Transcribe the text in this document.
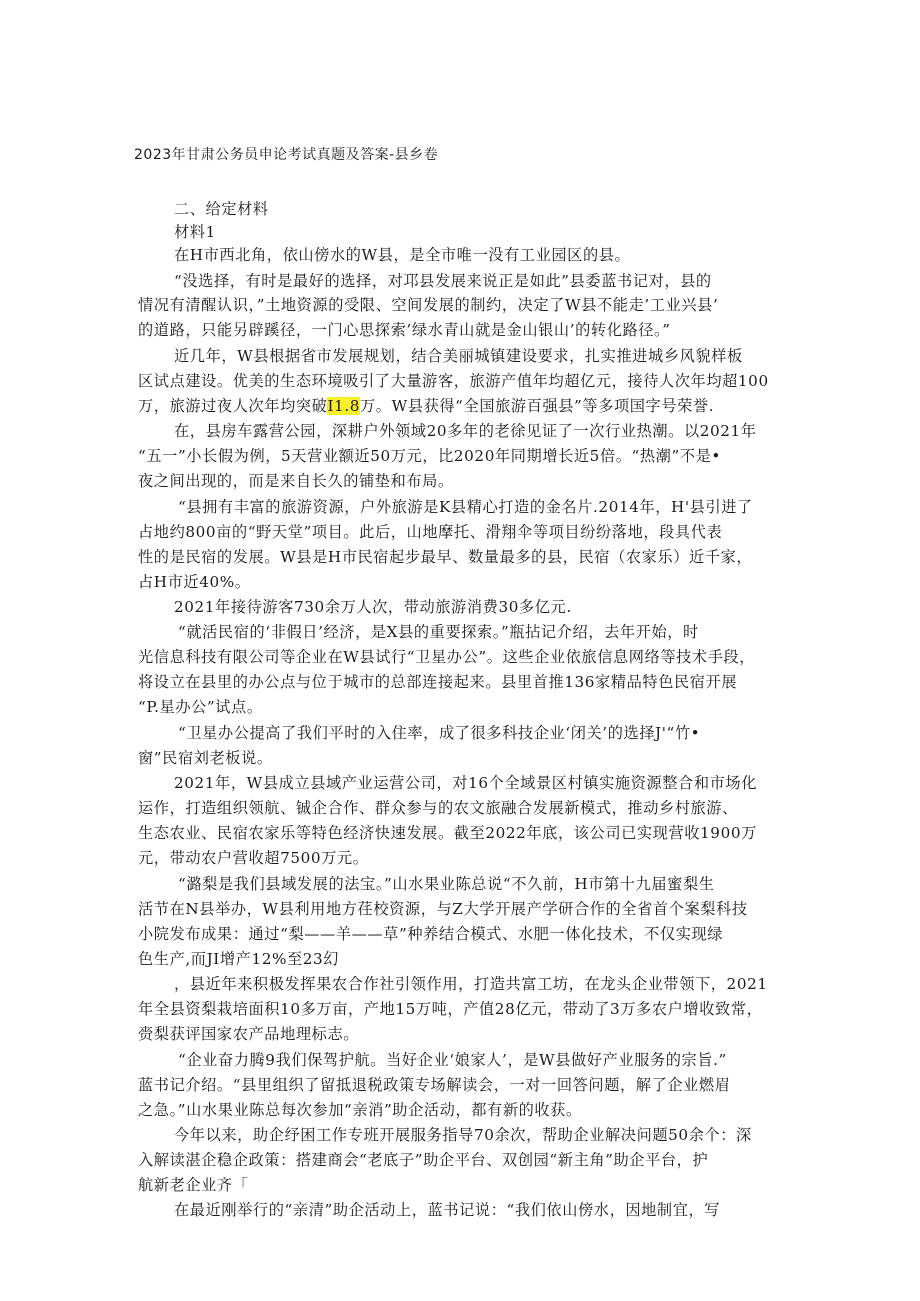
2023年甘肃公务员申论考试真题及答案-县乡卷
二、给定材料
材料1
在H市西北角，依山傍水的W县，是全市唯一没有工业园区的县。
“没选择，有时是最好的选择，对邛县发展来说正是如此”县委蓝书记对，县的
情况有清醒认识，”土地资源的受限、空间发展的制约，决定了W县不能走’工业兴县’
的道路，只能另辟蹊径，一门心思探索’绿水青山就是金山银山’的转化路径。”
近几年，W县根据省市发展规划，结合美丽城镇建设要求，扎实推进城乡风貌样板
区试点建设。优美的生态环境吸引了大量游客，旅游产值年均超亿元，接待人次年均超100
万，旅游过夜人次年均突破I1.8万。W县获得“全国旅游百强县”等多项国字号荣誉.
在，县房车露营公园，深耕户外领域20多年的老徐见证了一次行业热潮。以2021年
“五一”小长假为例，5天营业额近50万元，比2020年同期增长近5倍。“热潮”不是•
夜之间出现的，而是来自长久的铺垫和布局。
“县拥有丰富的旅游资源，户外旅游是K县精心打造的金名片.2014年，H'县引进了
占地约800亩的“野天堂”项目。此后，山地摩托、滑翔伞等项目纷纷落地，段具代表
性的是民宿的发展。W县是H市民宿起步最早、数量最多的县，民宿（农家乐）近千家，
占H市近40%。
2021年接待游客730余万人次，带动旅游消费30多亿元.
“就活民宿的‘非假日’经济，是X县的重要探索。”瓶拈记介绍，去年开始，时
光信息科技有限公司等企业在W县试行“卫星办公”。这些企业依旅信息网络等技术手段，
将设立在县里的办公点与位于城市的总部连接起来。县里首推136家精品特色民宿开展
“P.星办公”试点。
“卫星办公提高了我们平时的入住率，成了很多科技企业‘闭关’的选择J'“竹•
窗”民宿刘老板说。
2021年，W县成立县域产业运营公司，对16个全域景区村镇实施资源整合和市场化
运作，打造组织领航、铖企合作、群众参与的农文旅融合发展新模式，推动乡村旅游、
生态农业、民宿农家乐等特色经济快速发展。截至2022年底，该公司已实现营收1900万
元，带动农户营收超7500万元。
“潞梨是我们县域发展的法宝。”山水果业陈总说“不久前，H市第十九届蜜梨生
活节在N县举办，W县利用地方荏校资源，与Z大学开展产学研合作的全省首个案梨科技
小院发布成果：通过“梨——羊——草”种养结合模式、水肥一体化技术，不仅实现绿
色生产,而JI增产12%至23幻
，县近年来积极发挥果农合作社引领作用，打造共富工坊，在龙头企业带领下，2021
年全县资梨栽培面积10多万亩，产地15万吨，产值28亿元，带动了3万多农户增收致常，
赍梨获评国家农产品地理标志。
“企业奋力腾9我们保驾护航。当好企业‘娘家人’，是W县做好产业服务的宗旨.”
蓝书记介绍。“县里组织了留抵退税政策专场解读会，一对一回答问题，解了企业燃眉
之急。”山水果业陈总每次参加“亲消”助企活动，都有新的收获。
今年以来，助企纾困工作专班开展服务指导70余次，帮助企业解决问题50余个：深
入解读湛企稳企政策：搭建商会“老底子”助企平台、双创园“新主角”助企平台，护
航新老企业齐「
在最近刚举行的“亲清”助企活动上，蓝书记说：“我们依山傍水，因地制宜，写
